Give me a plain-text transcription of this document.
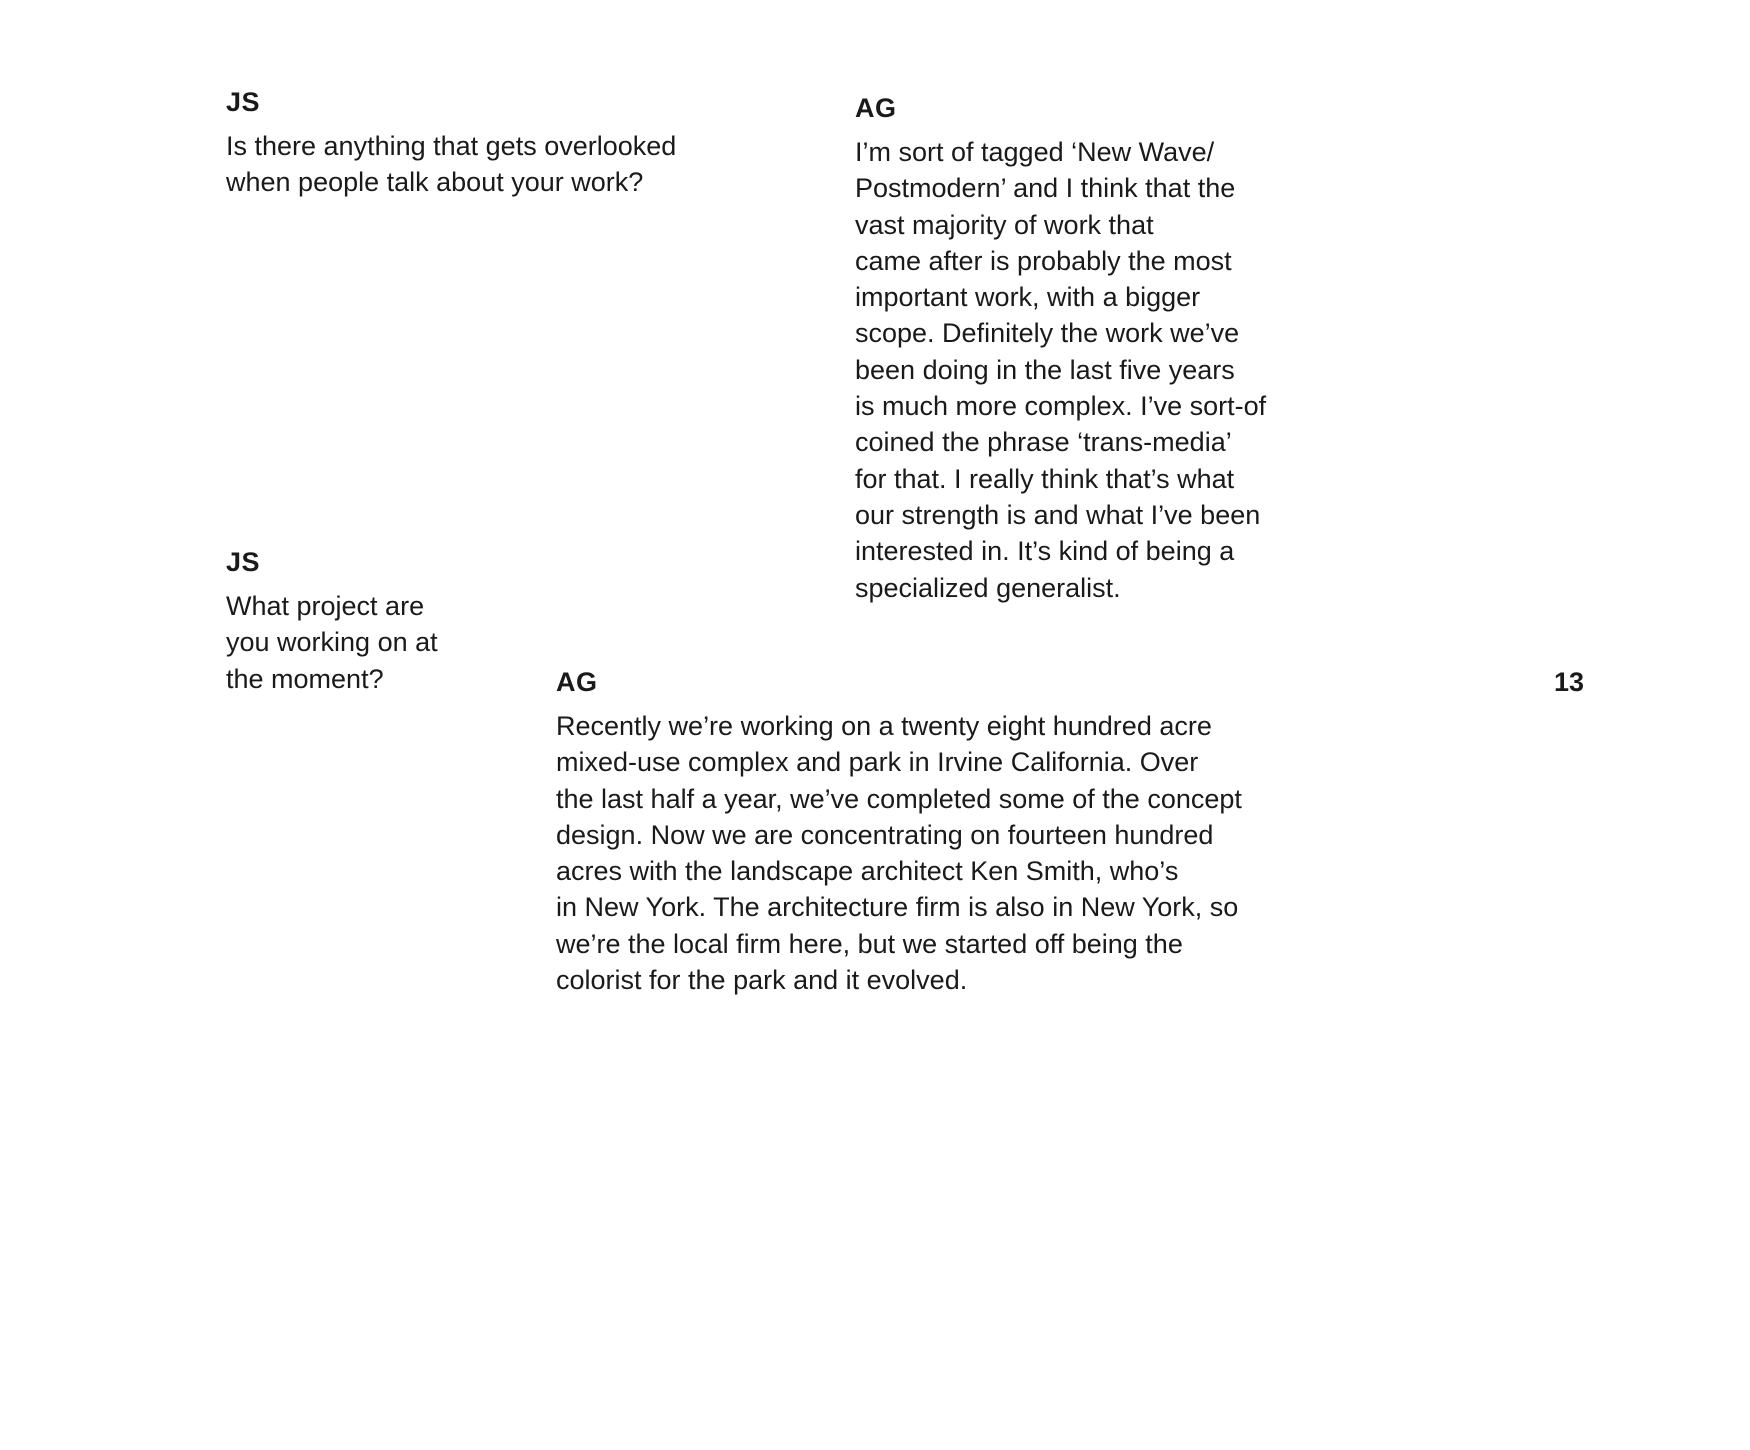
JS
Is there anything that gets overlooked
when people talk about your work?
AG
I’m sort of tagged ‘New Wave/
Postmodern’ and I think that the
vast majority of work that
came after is probably the most
important work, with a bigger
scope. Definitely the work we’ve
been doing in the last five years
is much more complex. I’ve sort-of
coined the phrase ‘trans-media’
for that. I really think that’s what
our strength is and what I’ve been
interested in. It’s kind of being a
specialized generalist.
JS
What project are
you working on at
the moment?	AG
Recently we’re working on a twenty eight hundred acre
mixed-use complex and park in Irvine California. Over
the last half a year, we’ve completed some of the concept
design. Now we are concentrating on fourteen hundred
acres with the landscape architect Ken Smith, who’s
in New York. The architecture firm is also in New York, so
we’re the local firm here, but we started off being the
colorist for the park and it evolved.
13
